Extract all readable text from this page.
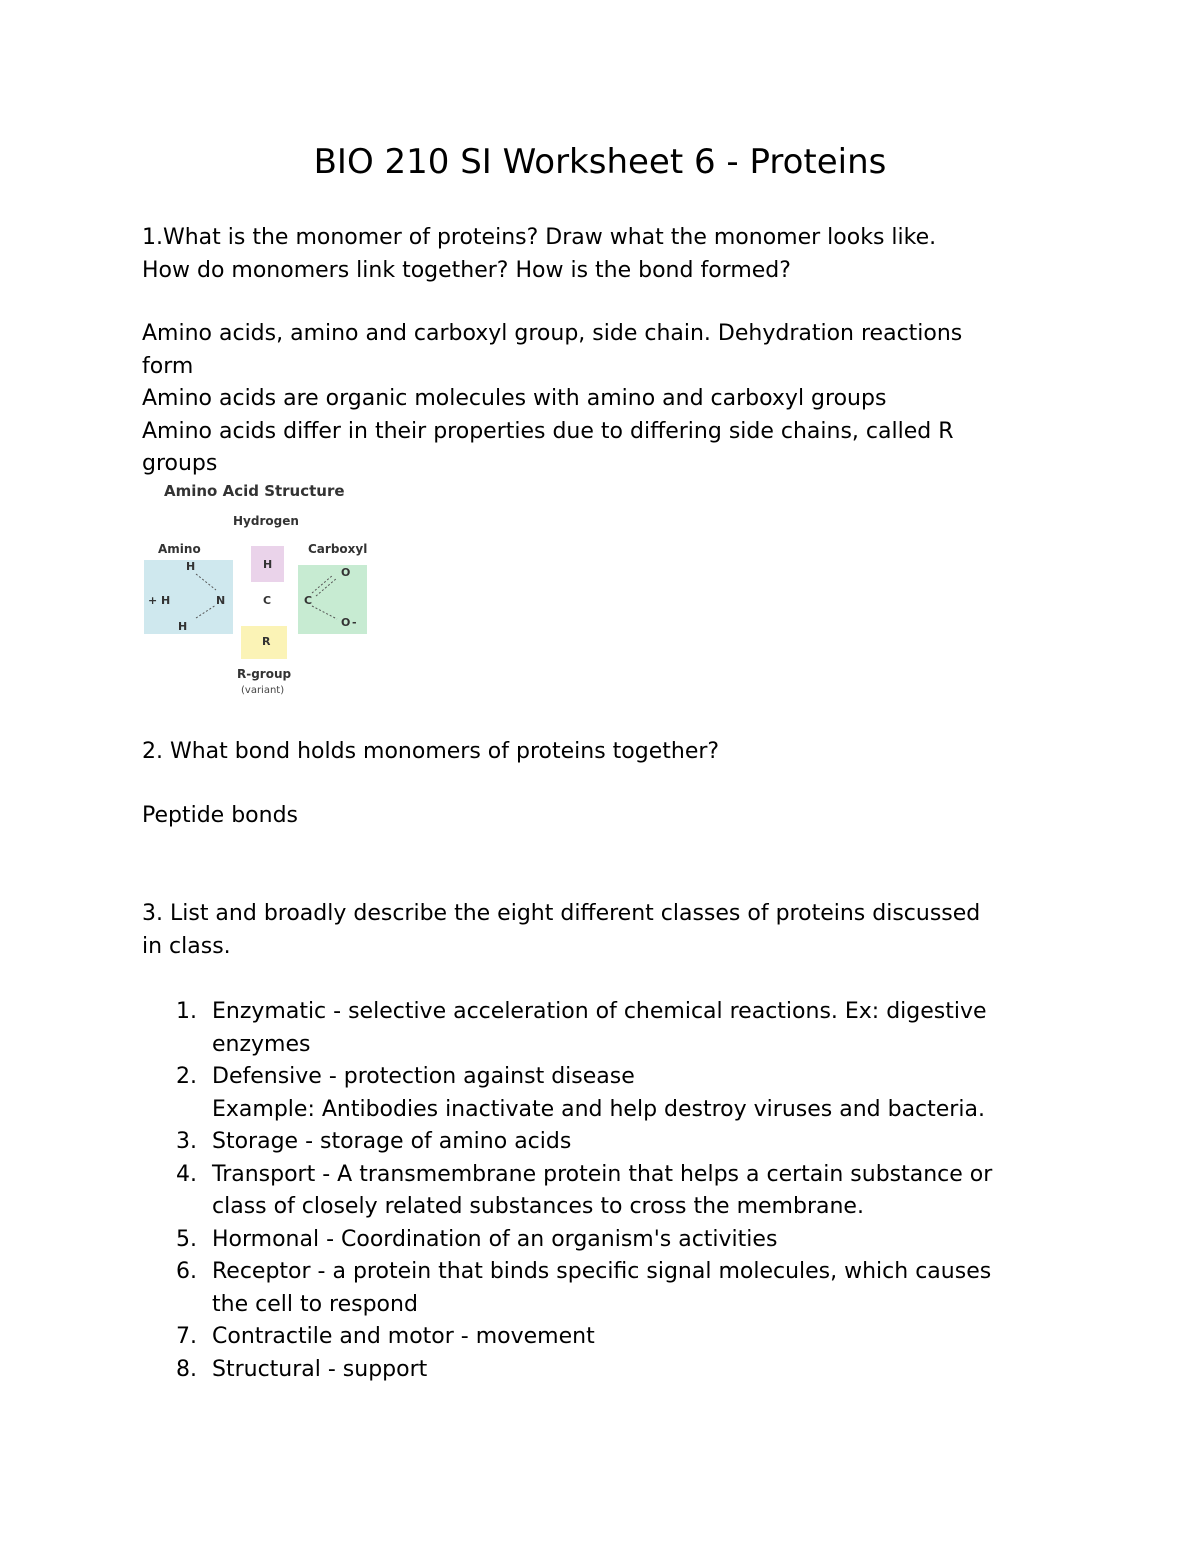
BIO 210 SI Worksheet 6 - Proteins
1.What is the monomer of proteins? Draw what the monomer looks like.
How do monomers link together? How is the bond formed?
Amino acids, amino and carboxyl group, side chain. Dehydration reactions
form
Amino acids are organic molecules with amino and carboxyl groups
Amino acids differ in their properties due to differing side chains, called R
groups
Amino Acid Structure
Hydrogen
Amino	Carboxyl
H
+ H
H
N
H
C
R
C
O
O -
R-group
(variant)
2. What bond holds monomers of proteins together?
Peptide bonds
3. List and broadly describe the eight different classes of proteins discussed
in class.
1. Enzymatic - selective acceleration of chemical reactions. Ex: digestive
enzymes
2. Defensive - protection against disease
Example: Antibodies inactivate and help destroy viruses and bacteria.
3. Storage - storage of amino acids
4. Transport - A transmembrane protein that helps a certain substance or
class of closely related substances to cross the membrane.
5. Hormonal - Coordination of an organism's activities
6. Receptor - a protein that binds specific signal molecules, which causes
the cell to respond
7. Contractile and motor - movement
8. Structural - support
